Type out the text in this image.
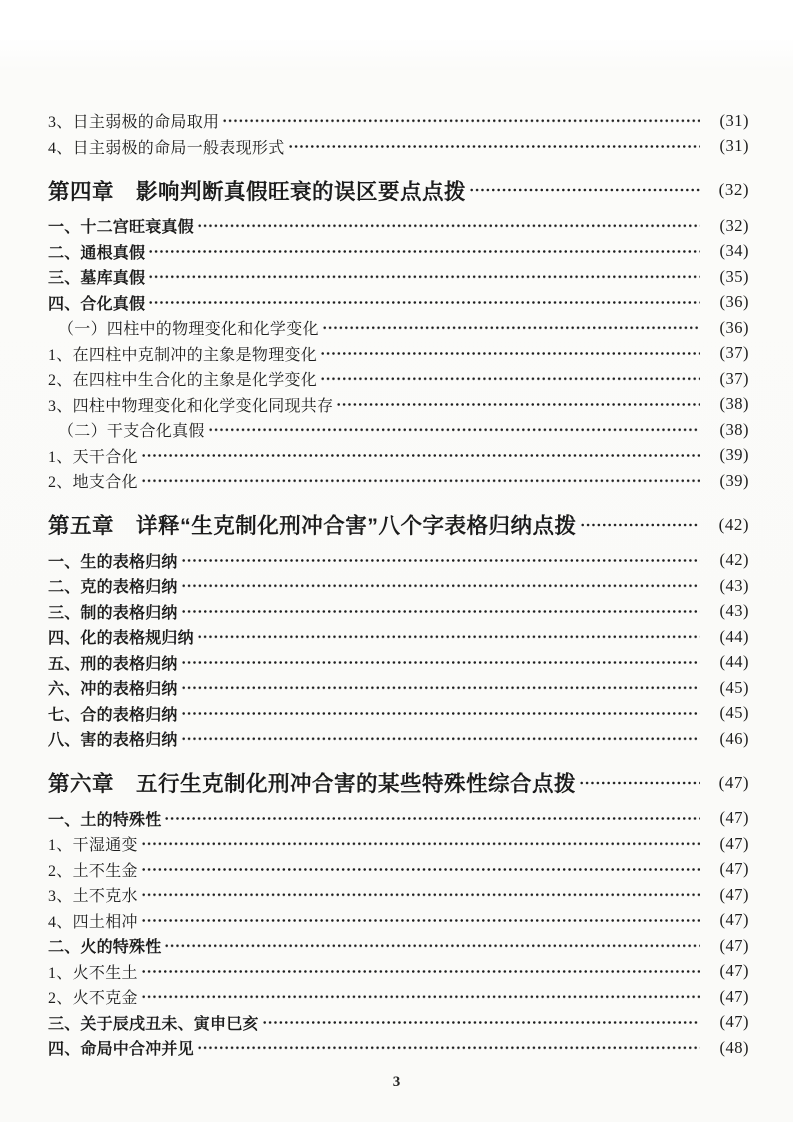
3、日主弱极的命局取用	(31)
4、日主弱极的命局一般表现形式	(31)
第四章　影响判断真假旺衰的误区要点点拨	(32)
一、十二宫旺衰真假	(32)
二、通根真假	(34)
三、墓库真假	(35)
四、合化真假	(36)
（一）四柱中的物理变化和化学变化	(36)
1、在四柱中克制冲的主象是物理变化	(37)
2、在四柱中生合化的主象是化学变化	(37)
3、四柱中物理变化和化学变化同现共存	(38)
（二）干支合化真假	(38)
1、天干合化	(39)
2、地支合化	(39)
第五章　详释“生克制化刑冲合害”八个字表格归纳点拨	(42)
一、生的表格归纳	(42)
二、克的表格归纳	(43)
三、制的表格归纳	(43)
四、化的表格规归纳	(44)
五、刑的表格归纳	(44)
六、冲的表格归纳	(45)
七、合的表格归纳	(45)
八、害的表格归纳	(46)
第六章　五行生克制化刑冲合害的某些特殊性综合点拨	(47)
一、土的特殊性	(47)
1、干湿通变	(47)
2、土不生金	(47)
3、土不克水	(47)
4、四土相冲	(47)
二、火的特殊性	(47)
1、火不生土	(47)
2、火不克金	(47)
三、关于辰戌丑未、寅申巳亥	(47)
四、命局中合冲并见	(48)
3
